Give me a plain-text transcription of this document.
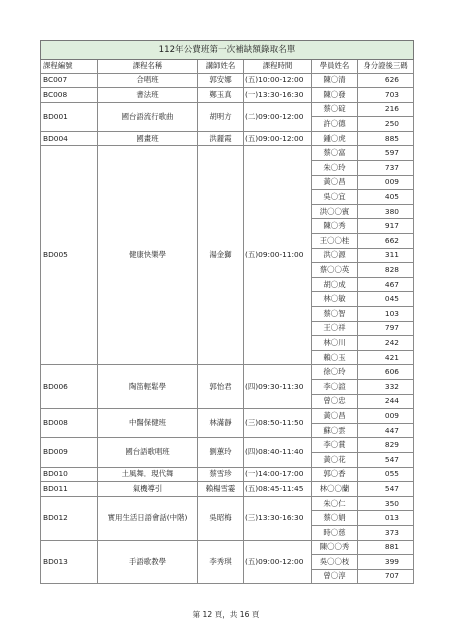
112年公費班第一次補缺額錄取名單					
課程編號	課程名稱	講師姓名	課程時間	學員姓名	身分證後三碼
BC007	合唱班	郭安娜	(五)10:00-12:00	陳〇清	626
BC008	書法班	鄭玉真	(一)13:30-16:30	陳〇發	703
BD001	國台語流行歌曲	胡明方	(二)09:00-12:00	蔡〇碇	216
				許〇德	250
BD004	國畫班	洪麗霞	(五)09:00-12:00	鍾〇虎	885
BD005	健康快樂學	湯金獅	(五)09:00-11:00	蔡〇富	597
				朱〇玲	737
				黃〇昌	009
				吳〇宜	405
				洪〇〇賓	380
				陳〇秀	917
				王〇〇桂	662
				洪〇源	311
				蔡〇〇英	828
				胡〇成	467
				林〇敏	045
				蔡〇智	103
				王〇祥	797
				林〇川	242
				賴〇玉	421
BD006	陶笛輕鬆學	郭怡君	(四)09:30-11:30	徐〇玲	606
				李〇諠	332
				曾〇忠	244
BD008	中醫保健班	林滿靜	(三)08:50-11:50	黃〇昌	009
				蘇〇雲	447
BD009	國台語歌唱班	劉蕙玲	(四)08:40-11:40	李〇賞	829
				黃〇花	547
BD010	土風舞．現代舞	蔡雪珍	(一)14:00-17:00	郭〇香	055
BD011	氣機導引	賴楊雪霎	(五)08:45-11:45	林〇〇蘭	547
BD012	實用生活日語會話(中階)	吳昭梅	(三)13:30-16:30	朱〇仁	350
				蔡〇娟	013
				時〇慈	373
BD013	手語歌教學	李秀琪	(五)09:00-12:00	陳〇〇秀	881
				吳〇〇枝	399
				曾〇淳	707
第 12 頁，共 16 頁
